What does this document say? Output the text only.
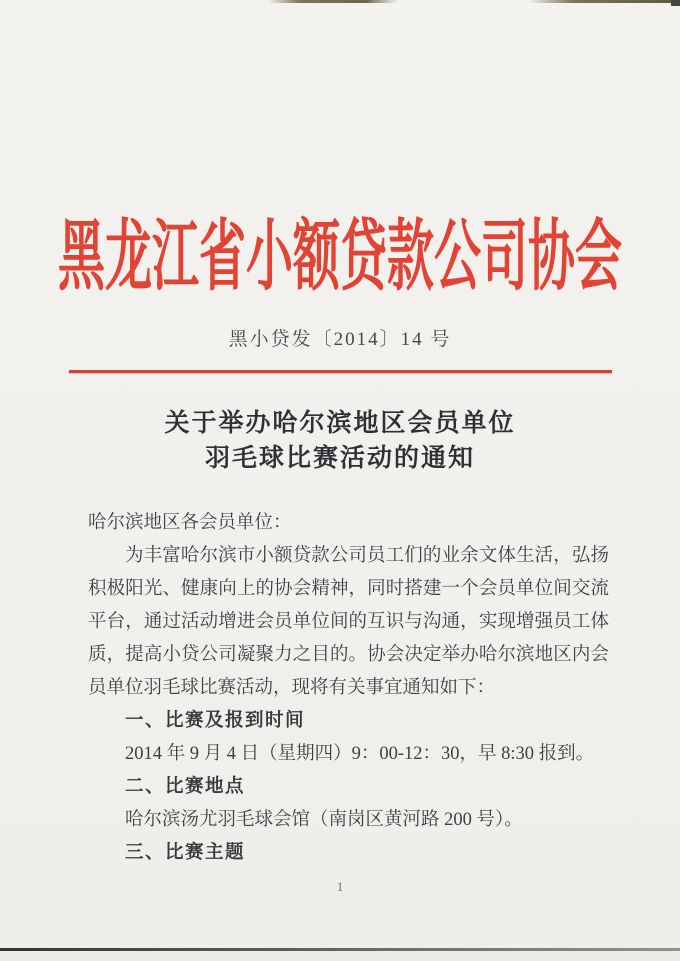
黑龙江省小额贷款公司协会
黑小贷发〔2014〕14 号
关于举办哈尔滨地区会员单位
羽毛球比赛活动的通知

哈尔滨地区各会员单位：

为丰富哈尔滨市小额贷款公司员工们的业余文体生活，弘扬积极阳光、健康向上的协会精神，同时搭建一个会员单位间交流平台，通过活动增进会员单位间的互识与沟通，实现增强员工体质，提高小贷公司凝聚力之目的。协会决定举办哈尔滨地区内会员单位羽毛球比赛活动，现将有关事宜通知如下：

一、比赛及报到时间

2014 年 9 月 4 日（星期四）9：00-12：30，早 8:30 报到。

二、比赛地点

哈尔滨汤尤羽毛球会馆（南岗区黄河路 200 号）。

三、比赛主题

1
